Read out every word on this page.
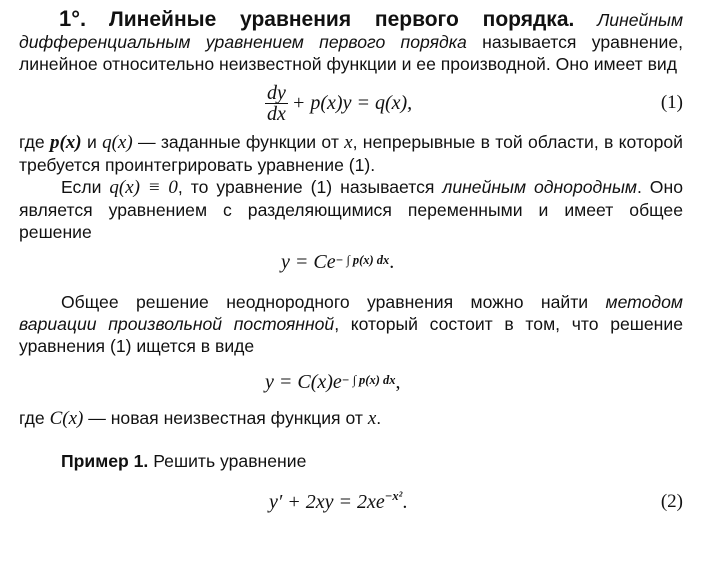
1°. Линейные уравнения первого порядка. Линейным дифференциальным уравнением первого порядка называется уравнение, линейное относительно неизвестной функции и ее производной. Оно имеет вид

$\frac{dy}{dx} + p(x)y = q(x)$,	(1)

где p(x) и q(x) — заданные функции от x, непрерывные в той области, в которой требуется проинтегрировать уравнение (1).

Если q(x) ≡ 0, то уравнение (1) называется линейным однородным. Оно является уравнением с разделяющимися переменными и имеет общее решение

$y = Ce^{- \int p(x) dx}$ .

Общее решение неоднородного уравнения можно найти методом вариации произвольной постоянной, который состоит в том, что решение уравнения (1) ищется в виде

$y = C(x)e^{- \int p(x) dx}$ ,

где C(x) — новая неизвестная функция от x.

Пример 1. Решить уравнение

$y' + 2xy = 2xe^{-x^2}$ .	(2)
